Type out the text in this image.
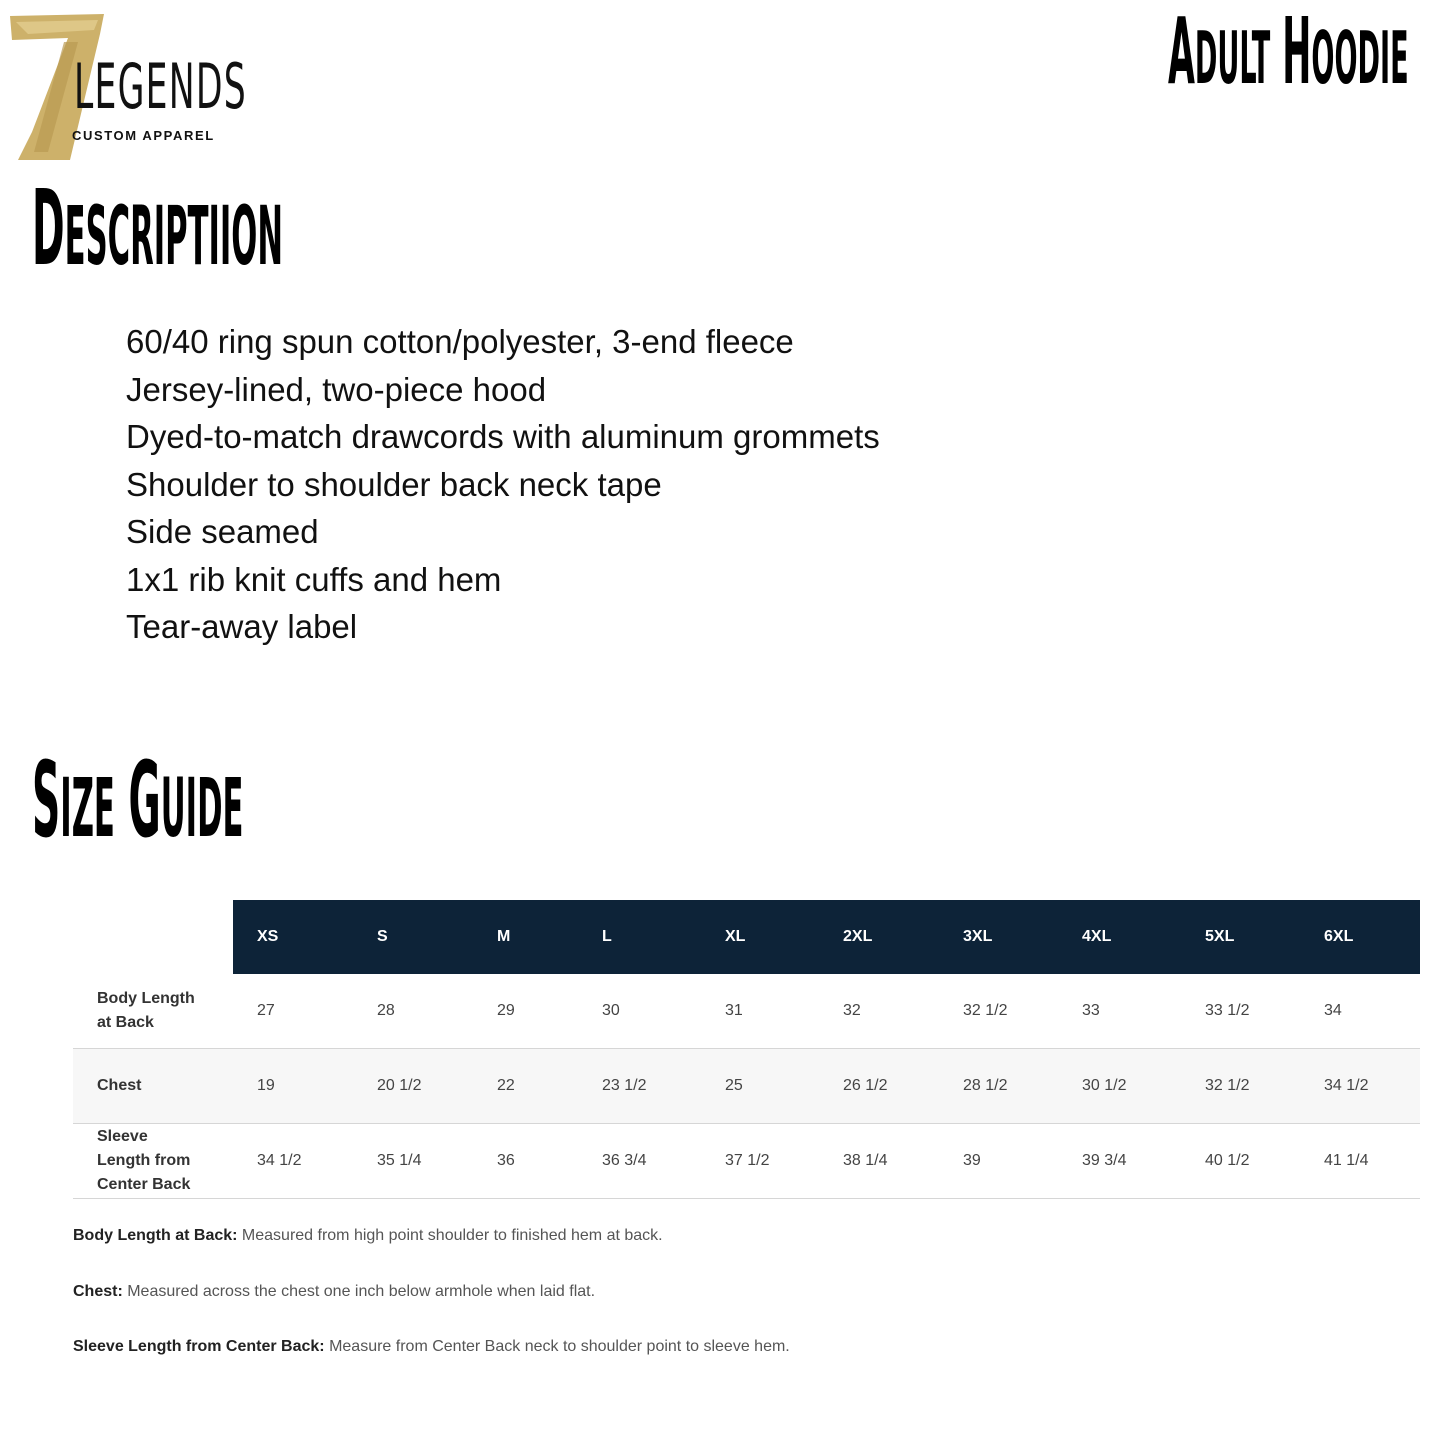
LEGENDS
CUSTOM APPAREL
ADULT HOODIE
DESCRIPTIION
60/40 ring spun cotton/polyester, 3-end fleece
Jersey-lined, two-piece hood
Dyed-to-match drawcords with aluminum grommets
Shoulder to shoulder back neck tape
Side seamed
1x1 rib knit cuffs and hem
Tear-away label
SIZE GUIDE
	XS	S	M	L	XL	2XL	3XL	4XL	5XL	6XL
Body Length at Back	27	28	29	30	31	32	32 1/2	33	33 1/2	34
Chest	19	20 1/2	22	23 1/2	25	26 1/2	28 1/2	30 1/2	32 1/2	34 1/2
Sleeve Length from Center Back	34 1/2	35 1/4	36	36 3/4	37 1/2	38 1/4	39	39 3/4	40 1/2	41 1/4
Body Length at Back: Measured from high point shoulder to finished hem at back.
Chest: Measured across the chest one inch below armhole when laid flat.
Sleeve Length from Center Back: Measure from Center Back neck to shoulder point to sleeve hem.
